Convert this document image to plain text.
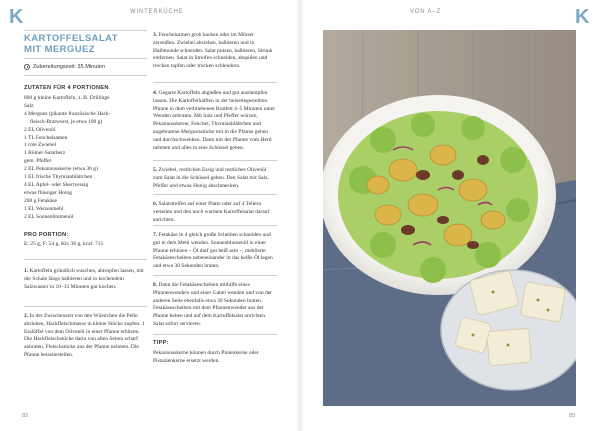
K	K
WINTERKÜCHE	VON A–Z
KARTOFFELSALAT
MIT MERGUEZ
Zubereitungszeit: 35 Minuten
ZUTATEN FÜR 4 PORTIONEN
800 g kleine Kartoffeln, z. B. Drillinge
Salz
4 Merguez (pikante französische Hack-
fleisch-Bratwurst, je etwa 100 g)
2 EL Olivenöl
1 TL Fenchelsamen
1 rote Zwiebel
1 Römer-Salatherz
gem. Pfeffer
2 EL Pekannusskerne (etwa 30 g)
1 EL frische Thymianblättchen
4 EL Apfel- oder Sherryessig
etwas flüssiger Honig
200 g Fetakäse
1 EL Weizenmehl
2 EL Sonnenblumenöl
PRO PORTION:
E: 25 g, F: 54 g, Kh: 36 g, kcal: 715
1. Kartoffeln gründlich waschen, abtropfen lassen, mit der Schale längs halbieren und in kochendem Salzwasser in 10–15 Minuten gar kochen.
2. In der Zwischenzeit von den Würstchen die Pelle abziehen, Hackfleischmasse in kleine Stücke zupfen. 1 Esslöffel von dem Olivenöl in einer Pfanne erhitzen. Die Hackfleischstücke darin von allen Seiten scharf anbraten. Fleischstücke aus der Pfanne nehmen. Die Pfanne beiseitestellen.
3. Fenchelsamen grob hacken oder im Mörser zerstoßen. Zwiebel abziehen, halbieren und in Halbmonde schneiden. Salat putzen, halbieren, Strunk entfernen. Salat in Streifen schneiden, abspülen und trocken tupfen oder trocken schleudern.
4. Gegarte Kartoffeln abgießen und gut ausdampfen lassen. Die Kartoffelhälften in der beiseitegestellten Pfanne in dem verbliebenen Bratfett 4–5 Minuten unter Wenden anbraten. Mit Salz und Pfeffer würzen, Pekannusskerne, Fenchel, Thymianblättchen und angebratene Merguezstücke mit in die Pfanne geben und durchschwenken. Dann mit der Pfanne vom Herd nehmen und alles in eine Schüssel geben.
5. Zwiebel, restlichen Essig und restliches Olivenöl zum Salat in die Schüssel geben. Den Salat mit Salz, Pfeffer und etwas Honig abschmecken.
6. Salatstreifen auf einer Platte oder auf 4 Tellern verteilen und den noch warmen Kartoffelsalat darauf anrichten.
7. Fetakäse in 4 gleich große Scheiben schneiden und gut in dem Mehl wenden. Sonnenblumenöl in einer Pfanne erhitzen – Öl darf gut heiß sein –, mehlierte Fetakäsescheiben nebeneinander in das heiße Öl legen und etwa 30 Sekunden braten.
8. Dann die Fetakäsescheiben mithilfe eines Pfannenwenders und einer Gabel wenden und von der anderen Seite ebenfalls etwa 30 Sekunden braten. Fetakäsescheiben mit dem Pfannenwender aus der Pfanne heben und auf dem Kartoffelsalat anrichten. Salat sofort servieren.
TIPP:
Pekannusskerne können durch Pinienkerne oder Pistazienkerne ersetzt werden.
82	83
